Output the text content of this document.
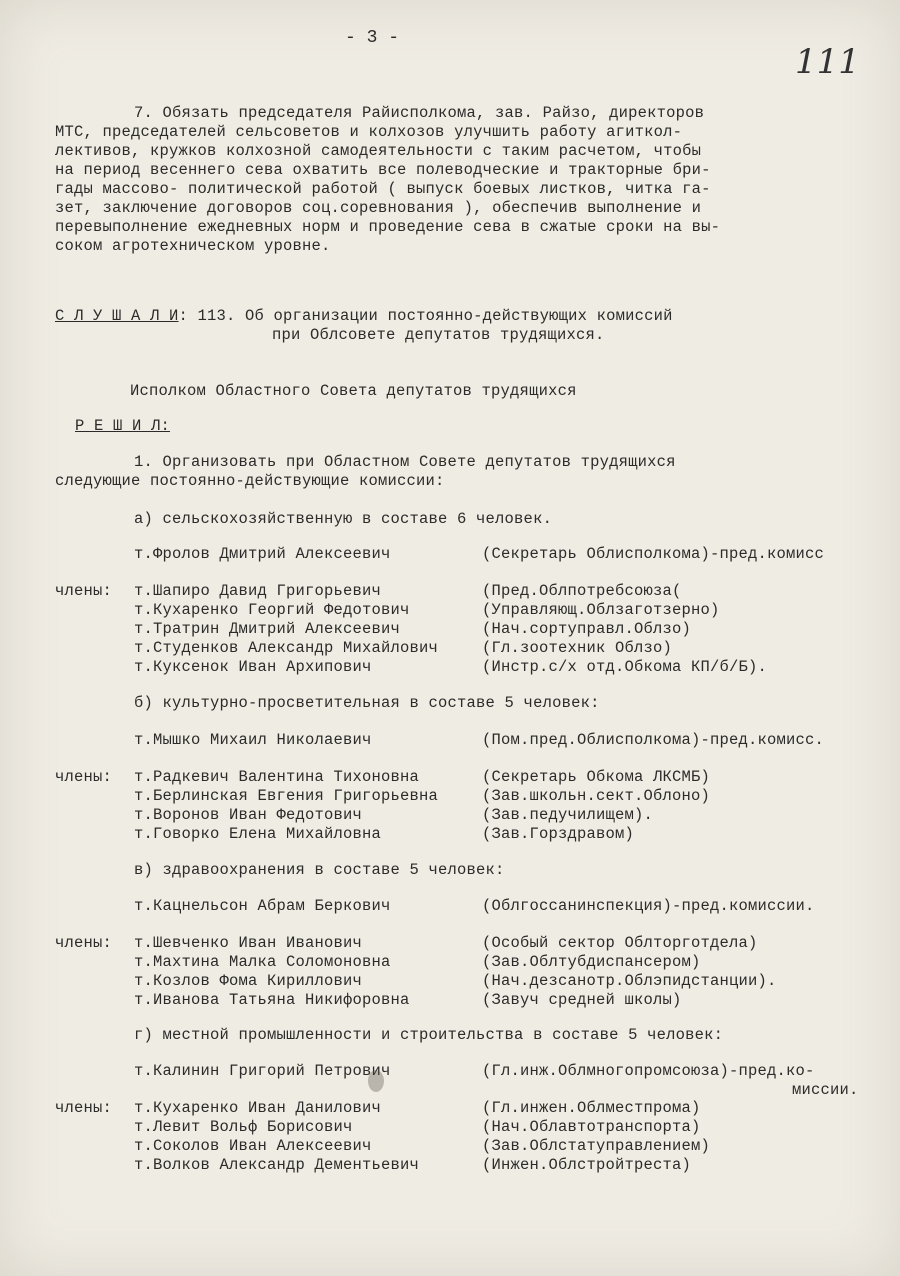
- 3 -
111
7. Обязать председателя Райисполкома, зав. Райзо, директоров
МТС, председателей сельсоветов и колхозов улучшить работу агиткол-
лективов, кружков колхозной самодеятельности с таким расчетом, чтобы
на период весеннего сева охватить все полеводческие и тракторные бри-
гады массово- политической работой ( выпуск боевых листков, читка га-
зет, заключение договоров соц.соревнования ), обеспечив выполнение и
перевыполнение ежедневных норм и проведение сева в сжатые сроки на вы-
соком агротехническом уровне.
С Л У Ш А Л И: 113. Об организации постоянно-действующих комиссий
при Облсовете депутатов трудящихся.
Исполком Областного Совета депутатов трудящихся
Р Е Ш И Л:
1. Организовать при Областном Совете депутатов трудящихся
следующие постоянно-действующие комиссии:
а) сельскохозяйственную в составе 6 человек.
т.Фролов Дмитрий Алексеевич	(Секретарь Облисполкома)-пред.комисс
члены: т.Шапиро Давид Григорьевич	(Пред.Облпотребсоюза(
т.Кухаренко Георгий Федотович	(Управляющ.Облзаготзерно)
т.Тратрин Дмитрий Алексеевич	(Нач.сортуправл.Облзо)
т.Студенков Александр Михайлович	(Гл.зоотехник Облзо)
т.Куксенок Иван Архипович	(Инстр.с/х отд.Обкома КП/б/Б).
б) культурно-просветительная в составе 5 человек:
т.Мышко Михаил Николаевич	(Пом.пред.Облисполкома)-пред.комисс.
члены: т.Радкевич Валентина Тихоновна	(Секретарь Обкома ЛКСМБ)
т.Берлинская Евгения Григорьевна	(Зав.школьн.сект.Облоно)
т.Воронов Иван Федотович	(Зав.педучилищем).
т.Говорко Елена Михайловна	(Зав.Горздравом)
в) здравоохранения в составе 5 человек:
т.Кацнельсон Абрам Беркович	(Облгоссанинспекция)-пред.комиссии.
члены: т.Шевченко Иван Иванович	(Особый сектор Облторготдела)
т.Махтина Малка Соломоновна	(Зав.Облтубдиспансером)
т.Козлов Фома Кириллович	(Нач.дезсанотр.Облэпидстанции).
т.Иванова Татьяна Никифоровна	(Завуч средней школы)
г) местной промышленности и строительства в составе 5 человек:
т.Калинин Григорий Петрович	(Гл.инж.Облмногопромсоюза)-пред.ко-
миссии.
члены: т.Кухаренко Иван Данилович	(Гл.инжен.Облместпрома)
т.Левит Вольф Борисович	(Нач.Облавтотранспорта)
т.Соколов Иван Алексеевич	(Зав.Облстатуправлением)
т.Волков Александр Дементьевич	(Инжен.Облстройтреста)
